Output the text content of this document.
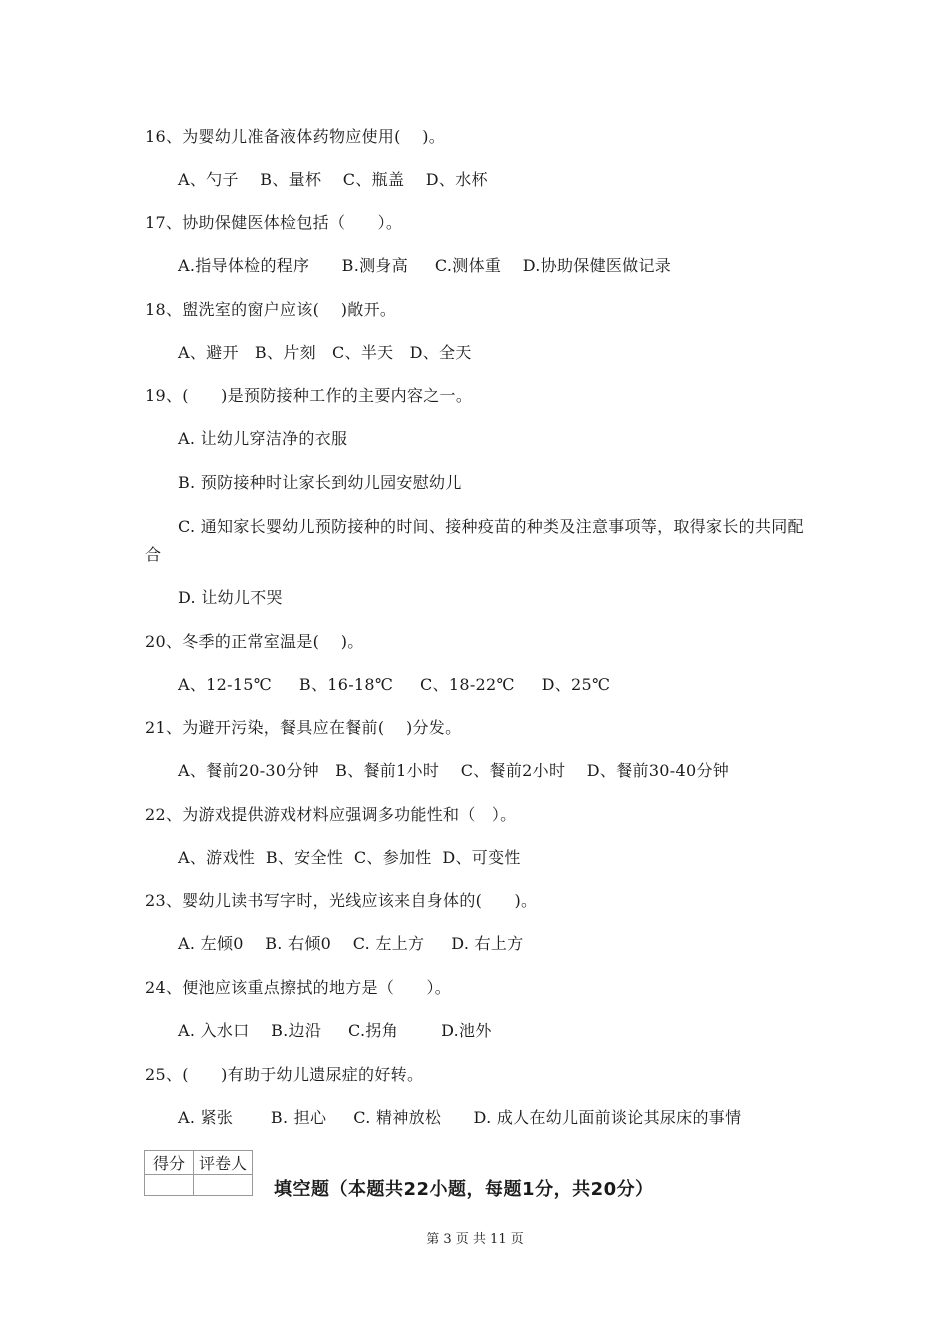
16、为婴幼儿准备液体药物应使用(    )。
A、勺子    B、量杯    C、瓶盖    D、水杯
17、协助保健医体检包括（      ）。
A.指导体检的程序      B.测身高     C.测体重    D.协助保健医做记录
18、盥洗室的窗户应该(    )敞开。
A、避开   B、片刻   C、半天   D、全天
19、(      )是预防接种工作的主要内容之一。
A. 让幼儿穿洁净的衣服
B. 预防接种时让家长到幼儿园安慰幼儿
C. 通知家长婴幼儿预防接种的时间、接种疫苗的种类及注意事项等，取得家长的共同配合
D. 让幼儿不哭
20、冬季的正常室温是(    )。
A、12-15℃     B、16-18℃     C、18-22℃     D、25℃
21、为避开污染，餐具应在餐前(    )分发。
A、餐前20-30分钟   B、餐前1小时    C、餐前2小时    D、餐前30-40分钟
22、为游戏提供游戏材料应强调多功能性和（   ）。
A、游戏性  B、安全性  C、参加性  D、可变性
23、婴幼儿读书写字时，光线应该来自身体的(      )。
A. 左倾0    B. 右倾0    C. 左上方     D. 右上方
24、便池应该重点擦拭的地方是（      ）。
A. 入水口    B.边沿     C.拐角        D.池外
25、(      )有助于幼儿遗尿症的好转。
A. 紧张       B. 担心     C. 精神放松      D. 成人在幼儿面前谈论其尿床的事情
得分	评卷人

填空题（本题共22小题，每题1分，共20分）
第 3 页 共 11 页
